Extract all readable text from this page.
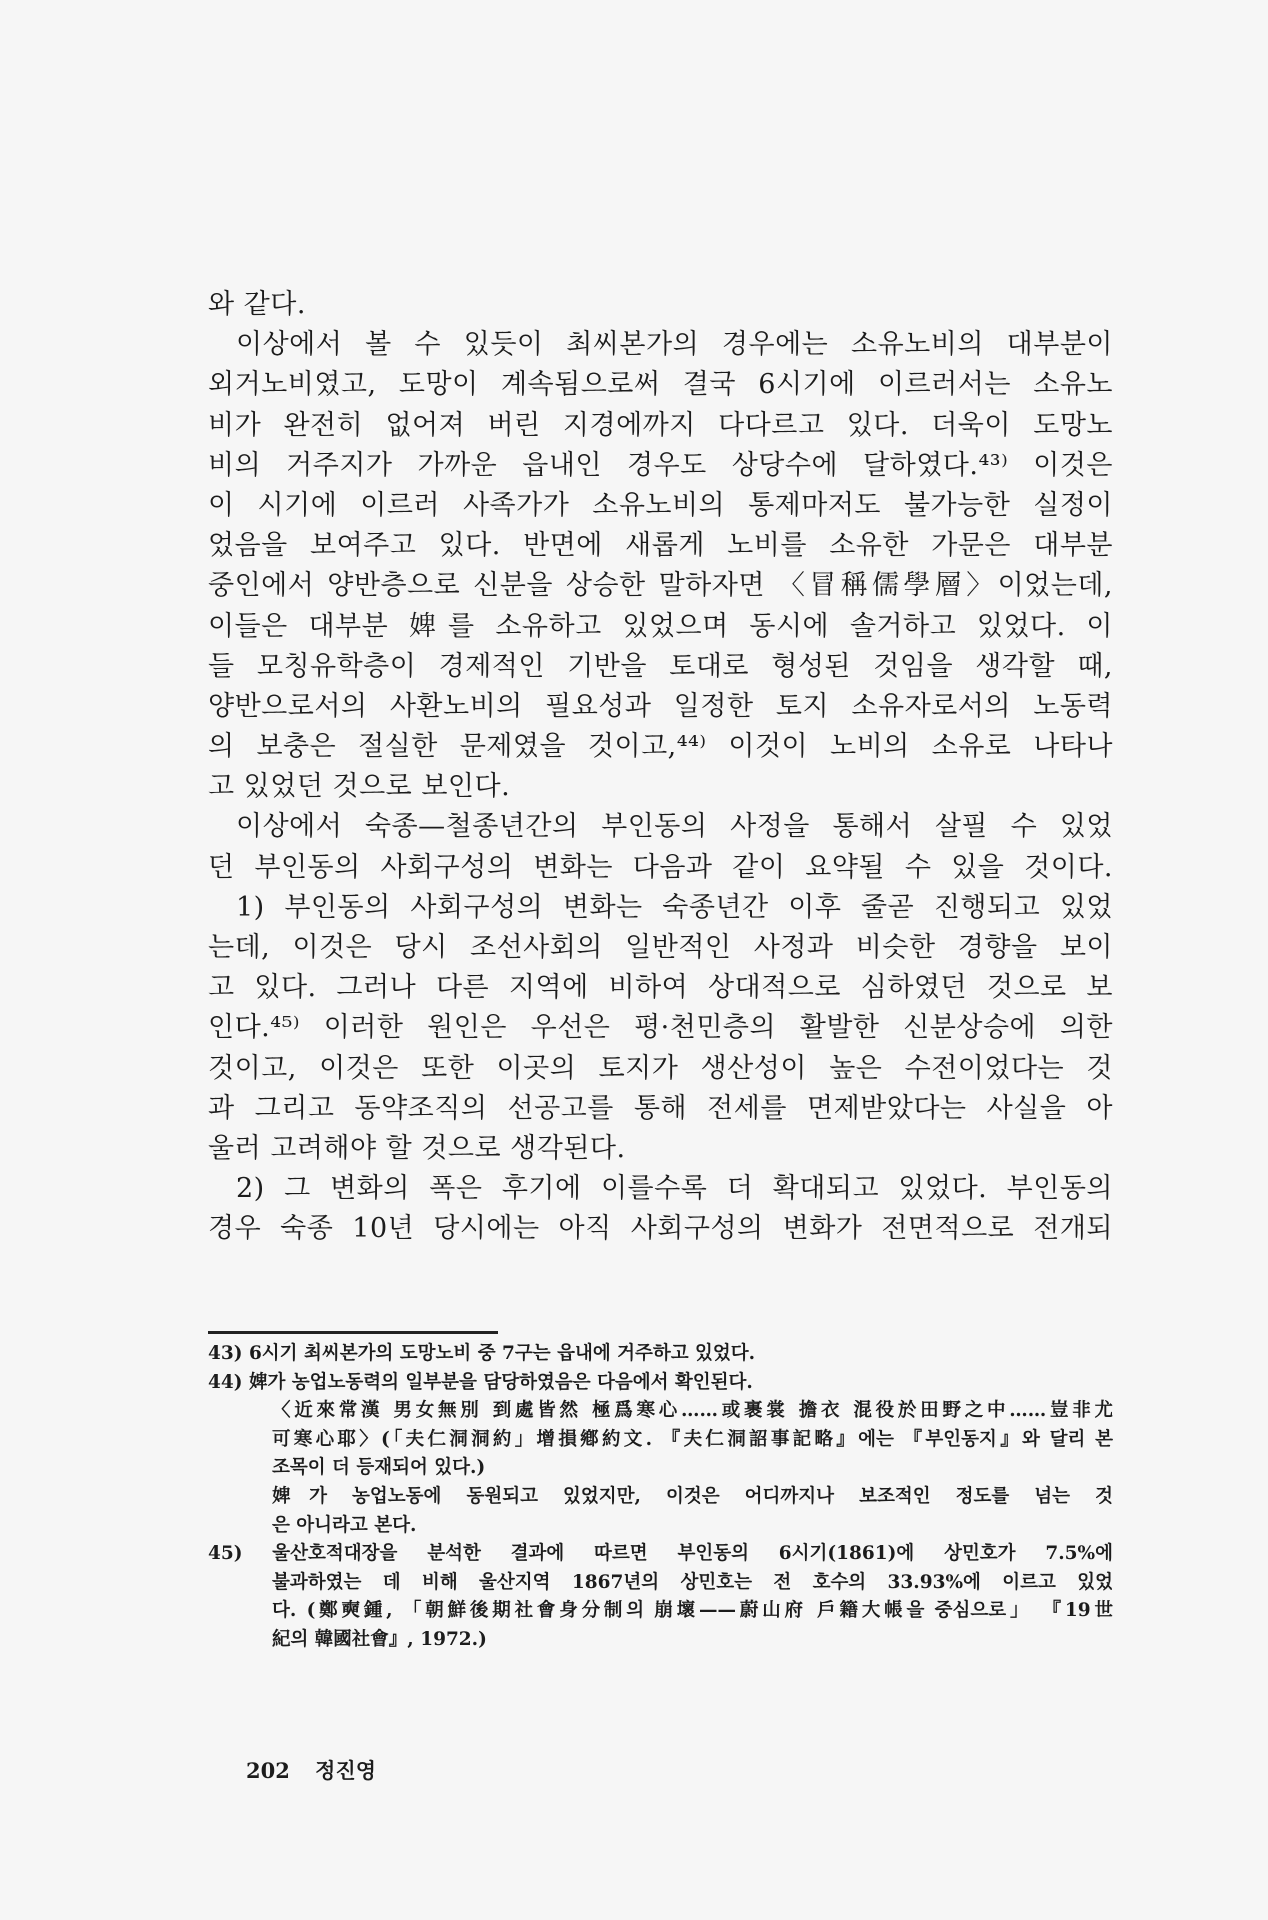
와 같다.
이상에서 볼 수 있듯이 최씨본가의 경우에는 소유노비의 대부분이
외거노비였고, 도망이 계속됨으로써 결국 6시기에 이르러서는 소유노
비가 완전히 없어져 버린 지경에까지 다다르고 있다. 더욱이 도망노
비의 거주지가 가까운 읍내인 경우도 상당수에 달하였다.⁴³⁾ 이것은
이 시기에 이르러 사족가가 소유노비의 통제마저도 불가능한 실정이
었음을 보여주고 있다. 반면에 새롭게 노비를 소유한 가문은 대부분
중인에서 양반층으로 신분을 상승한 말하자면 〈冒稱儒學層〉이었는데,
이들은 대부분 婢를 소유하고 있었으며 동시에 솔거하고 있었다. 이
들 모칭유학층이 경제적인 기반을 토대로 형성된 것임을 생각할 때,
양반으로서의 사환노비의 필요성과 일정한 토지 소유자로서의 노동력
의 보충은 절실한 문제였을 것이고,⁴⁴⁾ 이것이 노비의 소유로 나타나
고 있었던 것으로 보인다.
이상에서 숙종—철종년간의 부인동의 사정을 통해서 살필 수 있었
던 부인동의 사회구성의 변화는 다음과 같이 요약될 수 있을 것이다.
1) 부인동의 사회구성의 변화는 숙종년간 이후 줄곧 진행되고 있었
는데, 이것은 당시 조선사회의 일반적인 사정과 비슷한 경향을 보이
고 있다. 그러나 다른 지역에 비하여 상대적으로 심하였던 것으로 보
인다.⁴⁵⁾ 이러한 원인은 우선은 평·천민층의 활발한 신분상승에 의한
것이고, 이것은 또한 이곳의 토지가 생산성이 높은 수전이었다는 것
과 그리고 동약조직의 선공고를 통해 전세를 면제받았다는 사실을 아
울러 고려해야 할 것으로 생각된다.
2) 그 변화의 폭은 후기에 이를수록 더 확대되고 있었다. 부인동의
경우 숙종 10년 당시에는 아직 사회구성의 변화가 전면적으로 전개되
43) 6시기 최씨본가의 도망노비 중 7구는 읍내에 거주하고 있었다.
44) 婢가 농업노동력의 일부분을 담당하였음은 다음에서 확인된다.
〈近來常漢 男女無別 到處皆然 極爲寒心……或裹裳 擔衣 混役於田野之中……豈非尤
可寒心耶〉(「夫仁洞洞約」增損鄕約文. 『夫仁洞詔事記略』에는 『부인동지』와 달리 본
조목이 더 등재되어 있다.)
婢가 농업노동에 동원되고 있었지만, 이것은 어디까지나 보조적인 정도를 넘는 것
은 아니라고 본다.
45) 울산호적대장을 분석한 결과에 따르면 부인동의 6시기(1861)에 상민호가 7.5%에
불과하였는 데 비해 울산지역 1867년의 상민호는 전 호수의 33.93%에 이르고 있었
다. (鄭奭鍾, 「朝鮮後期社會身分制의 崩壞——蔚山府 戶籍大帳을 중심으로」 『19世
紀의 韓國社會』, 1972.)
202 정진영
